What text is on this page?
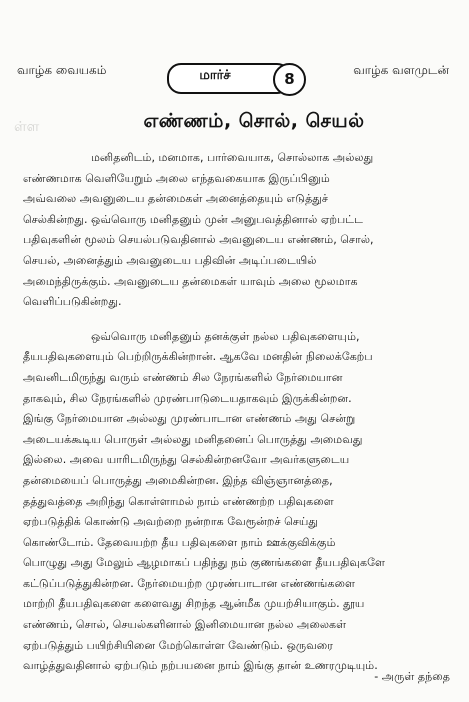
வாழ்க வையகம்	மார்ச்	8	வாழ்க வளமுடன்
ள்ள	எண்ணம், சொல், செயல்
மனிதனிடம், மனமாக, பார்வையாக, சொல்லாக அல்லது
எண்ணமாக வெளியேறும் அலை எந்தவகையாக இருப்பினும்
அவ்வலை அவனுடைய தன்மைகள் அனைத்தையும் எடுத்துச்
செல்கின்றது. ஒவ்வொரு மனிதனும் முன் அனுபவத்தினால் ஏற்பட்ட
பதிவுகளின் மூலம் செயல்படுவதினால் அவனுடைய எண்ணம், சொல்,
செயல், அனைத்தும் அவனுடைய பதிவின் அடிப்படையில்
அமைந்திருக்கும். அவனுடைய தன்மைகள் யாவும் அலை மூலமாக
வெளிப்படுகின்றது.
ஒவ்வொரு மனிதனும் தனக்குள் நல்ல பதிவுகளையும்,
தீயபதிவுகளையும் பெற்றிருக்கின்றான். ஆகவே மனதின் நிலைக்கேற்ப
அவனிடமிருந்து வரும் எண்ணம் சில நேரங்களில் நேர்மையான
தாகவும், சில நேரங்களில் முரண்பாடுடையதாகவும் இருக்கின்றன.
இங்கு நேர்மையான அல்லது முரண்பாடான எண்ணம் அது சென்று
அடையக்கூடிய பொருள் அல்லது மனிதனைப் பொருத்து அமைவது
இல்லை. அவை யாரிடமிருந்து செல்கின்றனவோ அவர்களுடைய
தன்மையைப் பொருத்து அமைகின்றன. இந்த விஞ்ஞானத்தை,
தத்துவத்தை அறிந்து கொள்ளாமல் நாம் எண்ணற்ற பதிவுகளை
ஏற்படுத்திக் கொண்டு அவற்றை நன்றாக வேரூன்றச் செய்து
கொண்டோம். தேவையற்ற தீய பதிவுகளை நாம் ஊக்குவிக்கும்
பொழுது அது மேலும் ஆழமாகப் பதிந்து நம் குணங்களை தீயபதிவுகளே
கட்டுப்படுத்துகின்றன. நேர்மையற்ற முரண்பாடான எண்ணங்களை
மாற்றி தீயபதிவுகளை களைவது சிறந்த ஆன்மீக முயற்சியாகும். தூய
எண்ணம், சொல், செயல்களினால் இனிமையான நல்ல அலைகள்
ஏற்படுத்தும் பயிற்சியினை மேற்கொள்ள வேண்டும். ஒருவரை
வாழ்த்துவதினால் ஏற்படும் நற்பயனை நாம் இங்கு தான் உணரமுடியும்.
- அருள் தந்தை
